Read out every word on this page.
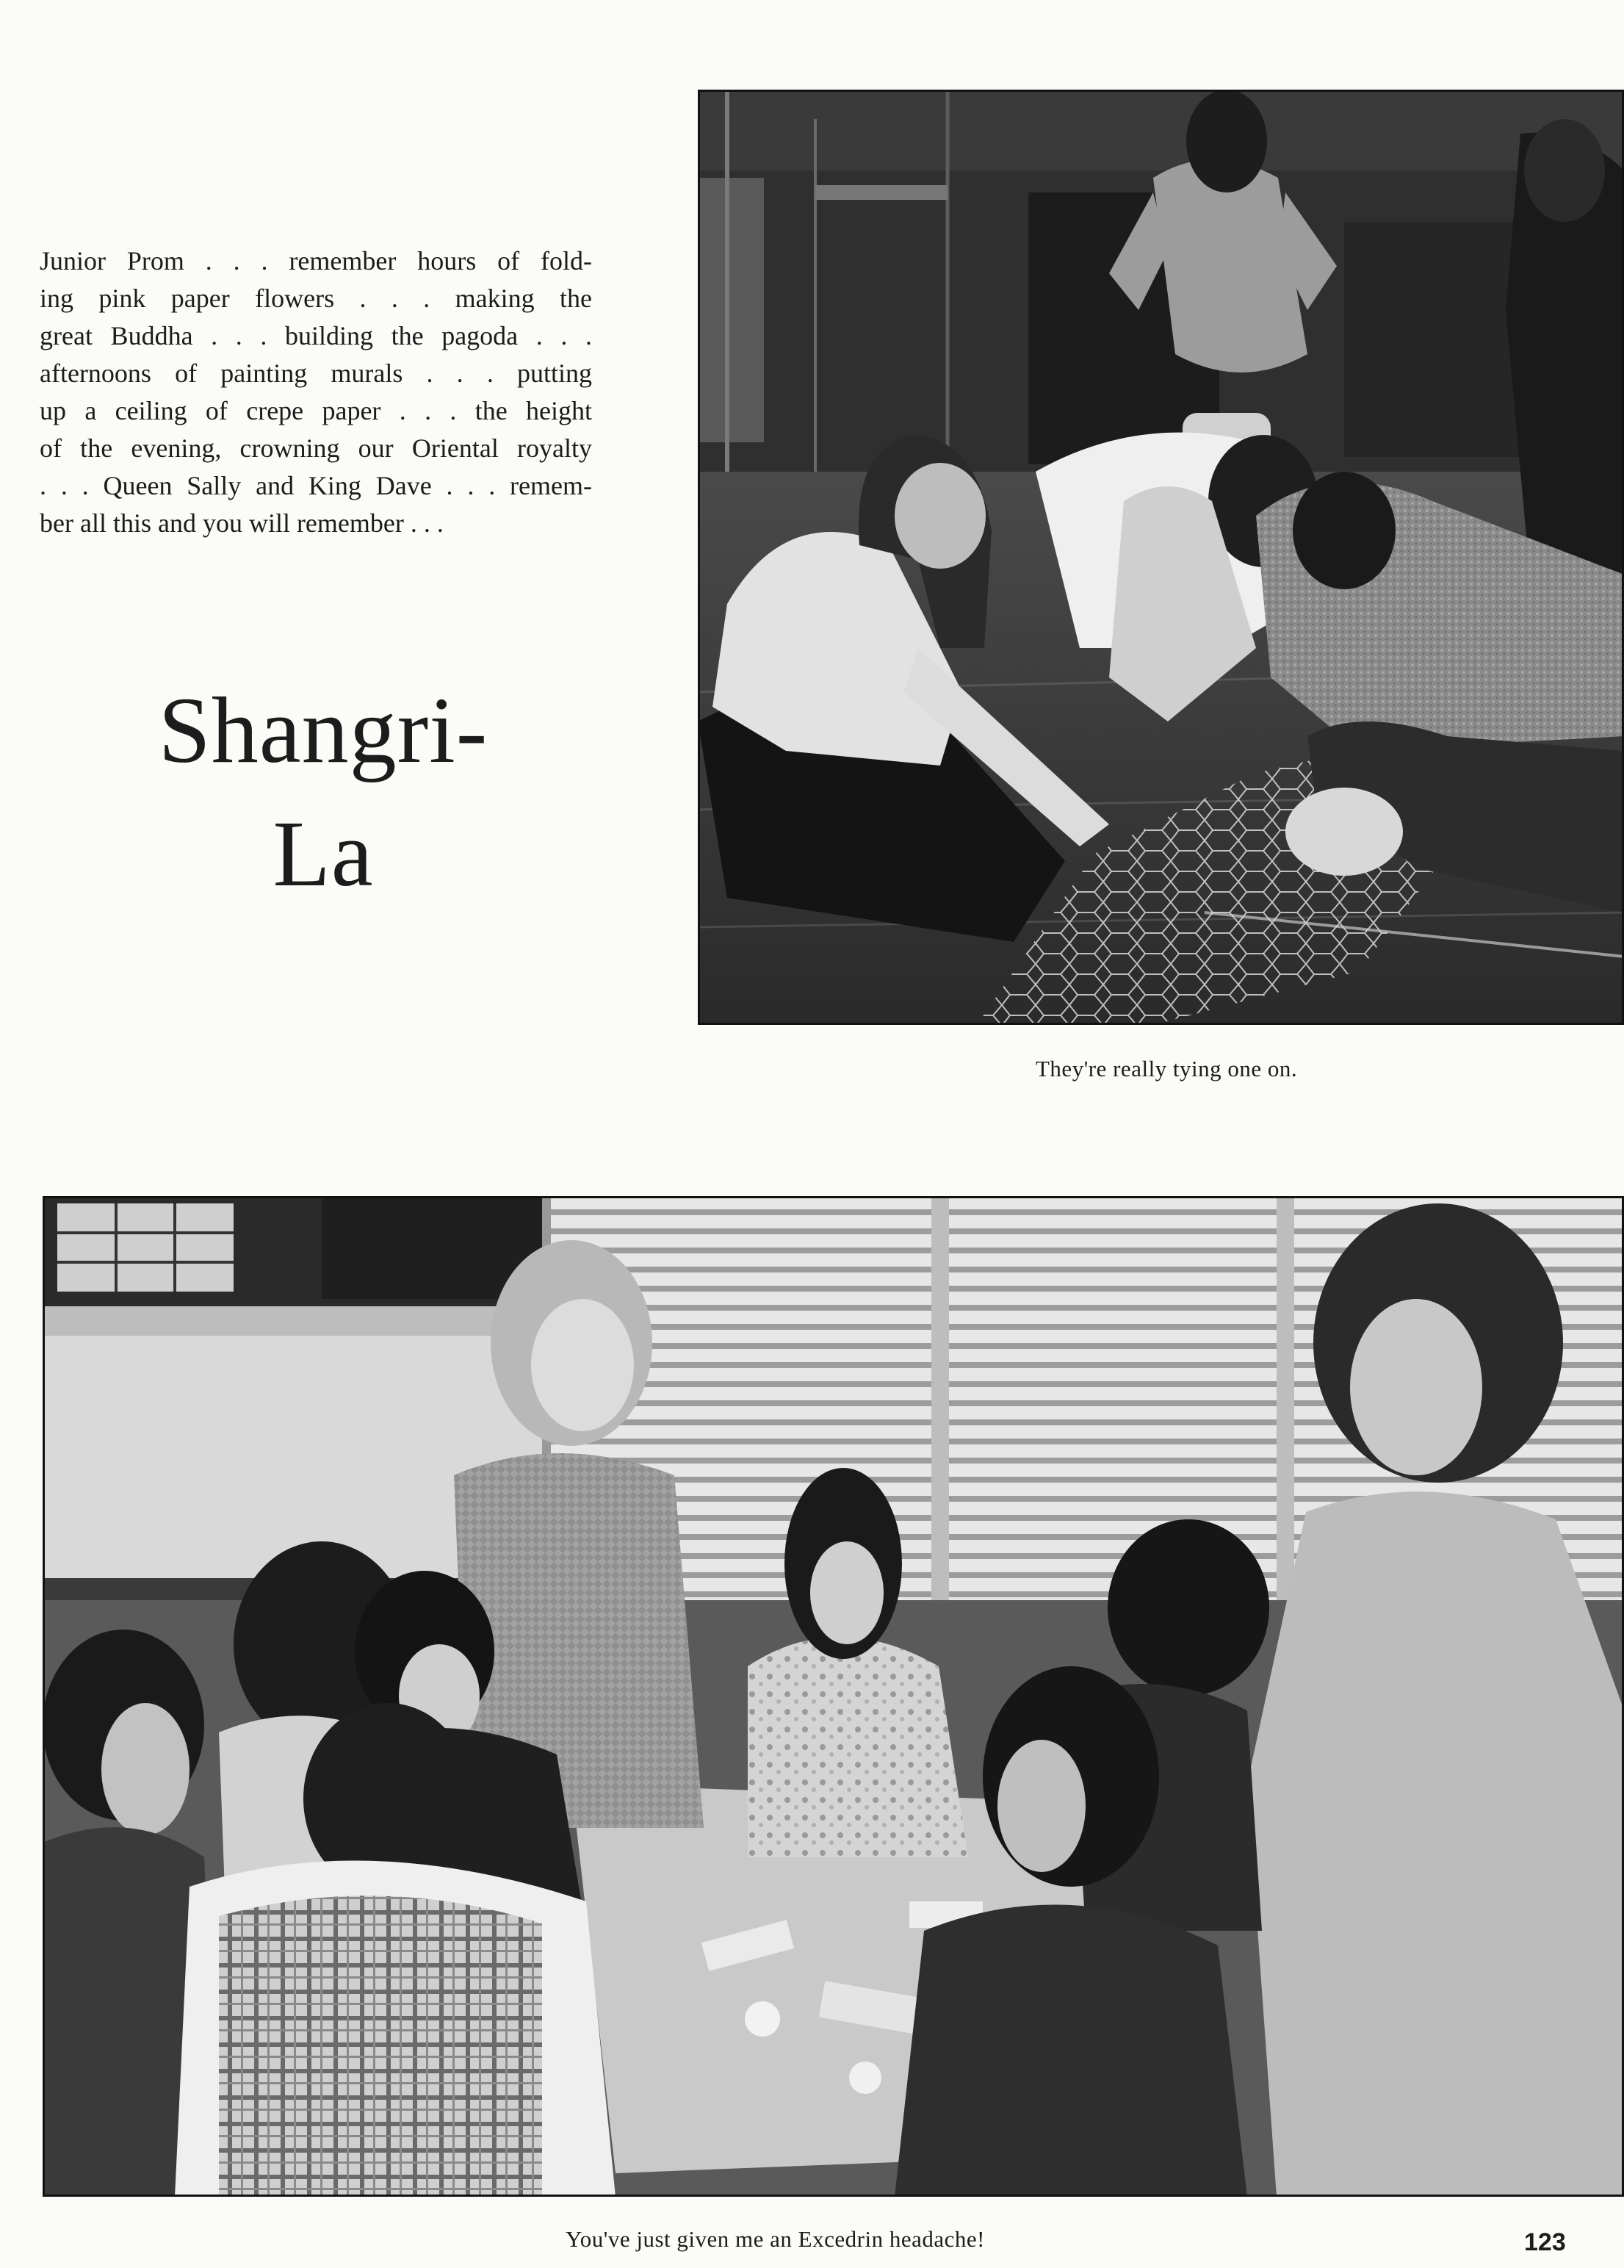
Junior Prom . . . remember hours of fold-
ing pink paper flowers . . . making the
great Buddha . . . building the pagoda . . .
afternoons of painting murals . . . putting
up a ceiling of crepe paper . . . the height
of the evening, crowning our Oriental royalty
. . . Queen Sally and King Dave . . . remem-
ber all this and you will remember . . .
Shangri-
La
They're really tying one on.
You've just given me an Excedrin headache!	123
